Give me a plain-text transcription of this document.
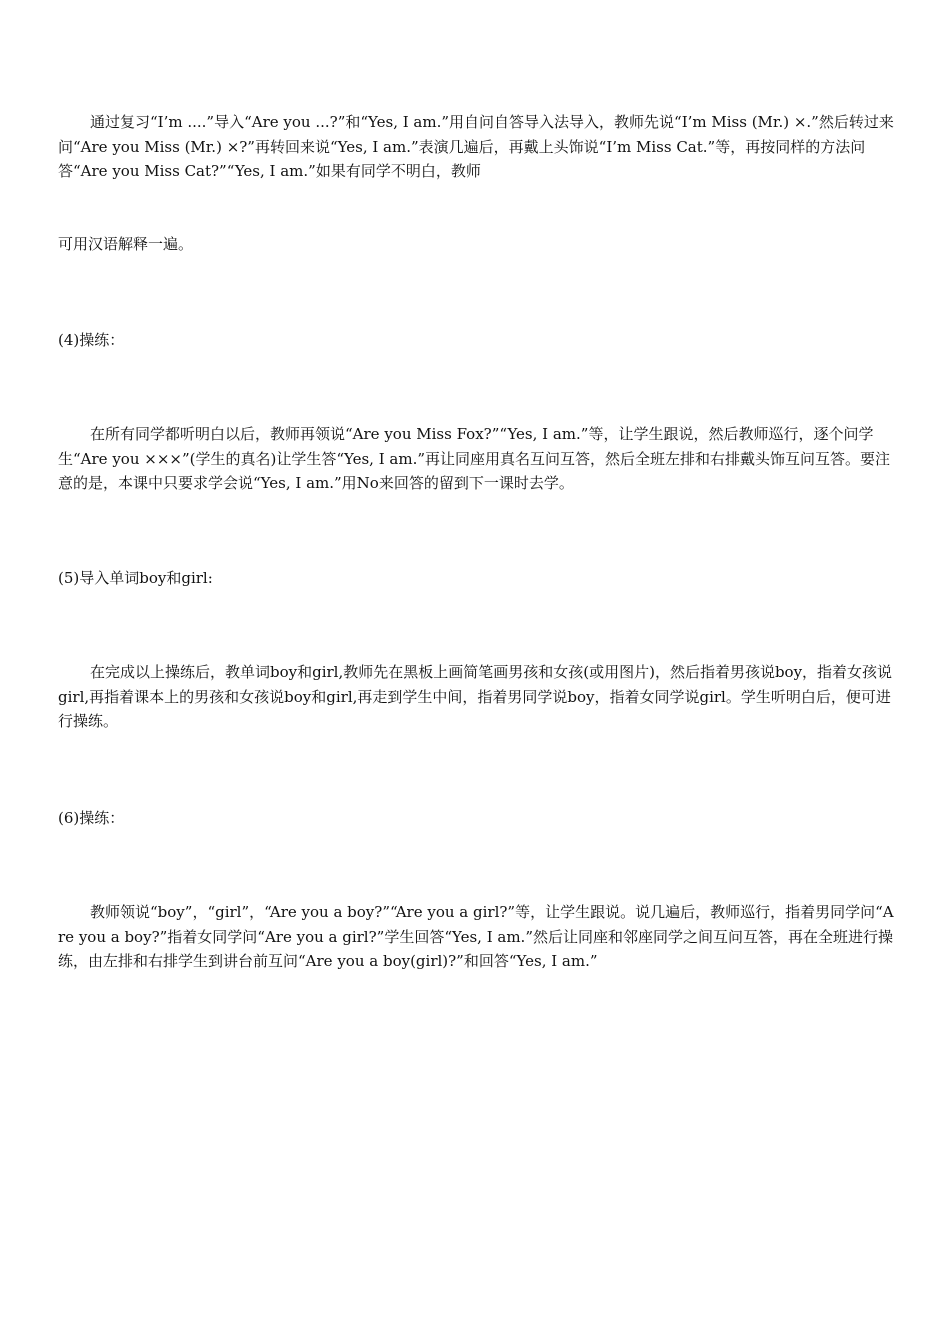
通过复习“I’m ....”导入“Are you ...?”和“Yes, I am.”用自问自答导入法导入，教师先说“I’m Miss (Mr.) ×.”然后转过来问“Are you Miss (Mr.) ×?”再转回来说“Yes, I am.”表演几遍后，再戴上头饰说“I’m Miss Cat.”等，再按同样的方法问答“Are you Miss Cat?”“Yes, I am.”如果有同学不明白，教师
可用汉语解释一遍。
(4)操练：
在所有同学都听明白以后，教师再领说“Are you Miss Fox?”“Yes, I am.”等，让学生跟说，然后教师巡行，逐个问学生“Are you ×××”(学生的真名)让学生答“Yes, I am.”再让同座用真名互问互答，然后全班左排和右排戴头饰互问互答。要注意的是，本课中只要求学会说“Yes, I am.”用No来回答的留到下一课时去学。
(5)导入单词boy和girl:
在完成以上操练后，教单词boy和girl,教师先在黑板上画简笔画男孩和女孩(或用图片)，然后指着男孩说boy，指着女孩说girl,再指着课本上的男孩和女孩说boy和girl,再走到学生中间，指着男同学说boy，指着女同学说girl。学生听明白后，便可进行操练。
(6)操练：
教师领说“boy”，“girl”，“Are you a boy?”“Are you a girl?”等，让学生跟说。说几遍后，教师巡行，指着男同学问“Are you a boy?”指着女同学问“Are you a girl?”学生回答“Yes, I am.”然后让同座和邻座同学之间互问互答，再在全班进行操练，由左排和右排学生到讲台前互问“Are you a boy(girl)?”和回答“Yes, I am.”
